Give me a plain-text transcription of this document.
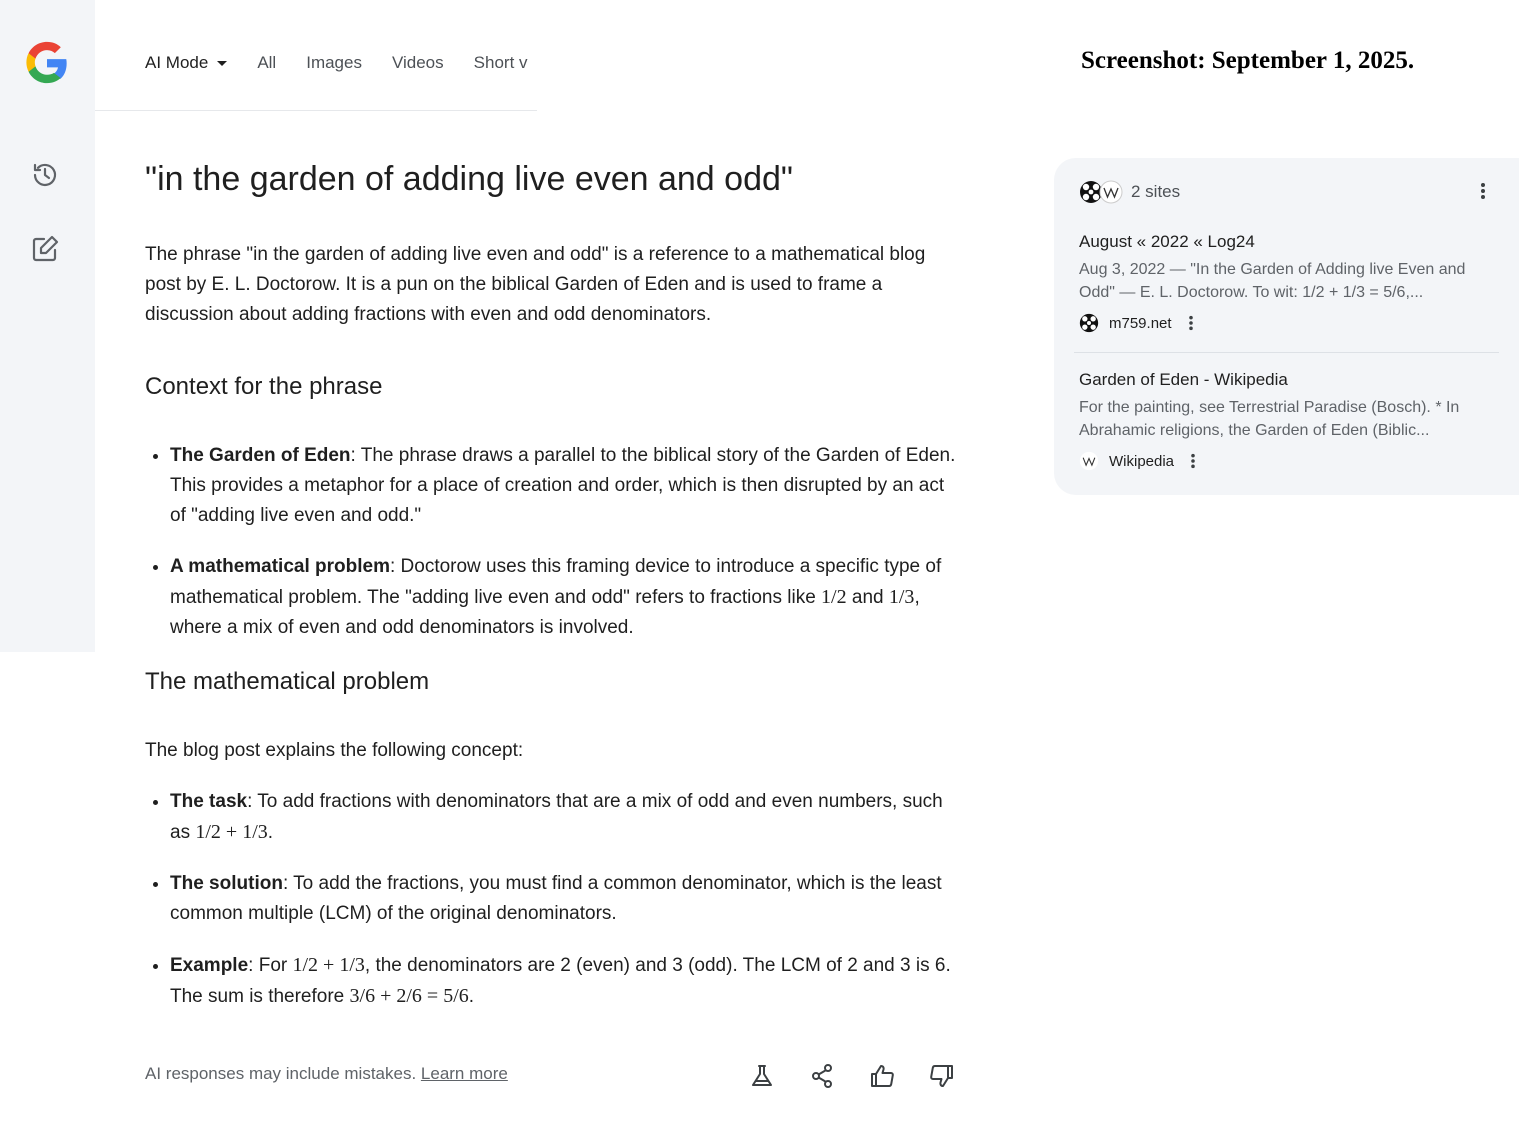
AI Mode	All Images Videos Short v	Screenshot: September 1, 2025.
"in the garden of adding live even and odd"

The phrase "in the garden of adding live even and odd" is a reference to a mathematical blog post by E. L. Doctorow. It is a pun on the biblical Garden of Eden and is used to frame a discussion about adding fractions with even and odd denominators.

Context for the phrase
• The Garden of Eden: The phrase draws a parallel to the biblical story of the Garden of Eden. This provides a metaphor for a place of creation and order, which is then disrupted by an act of "adding live even and odd."
• A mathematical problem: Doctorow uses this framing device to introduce a specific type of mathematical problem. The "adding live even and odd" refers to fractions like 1/2 and 1/3, where a mix of even and odd denominators is involved.
The mathematical problem

The blog post explains the following concept:

• The task: To add fractions with denominators that are a mix of odd and even numbers, such as 1/2 + 1/3.
• The solution: To add the fractions, you must find a common denominator, which is the least common multiple (LCM) of the original denominators.
• Example: For 1/2 + 1/3, the denominators are 2 (even) and 3 (odd). The LCM of 2 and 3 is 6. The sum is therefore 3/6 + 2/6 = 5/6.
AI responses may include mistakes. Learn more
2 sites
August « 2022 « Log24
Aug 3, 2022 — "In the Garden of Adding live Even and Odd" — E. L. Doctorow. To wit: 1/2 + 1/3 = 5/6,...
m759.net
Garden of Eden - Wikipedia
For the painting, see Terrestrial Paradise (Bosch). * In Abrahamic religions, the Garden of Eden (Biblic...
Wikipedia
